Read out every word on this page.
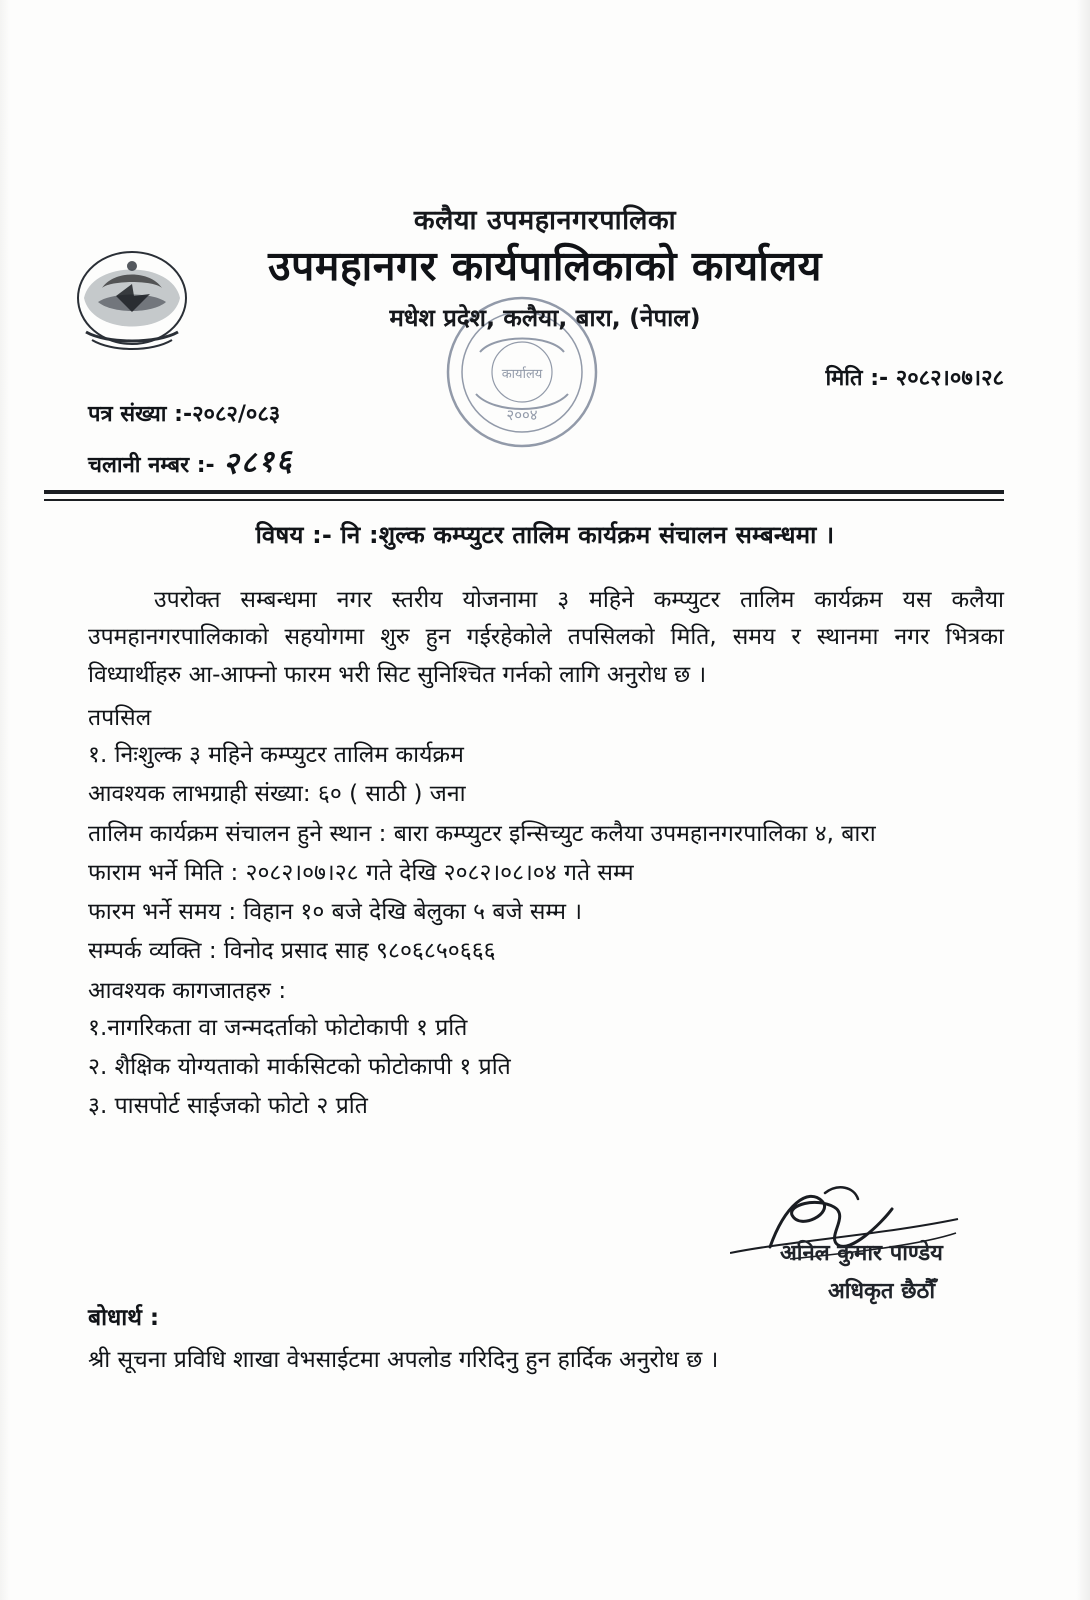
कार्यालय
२००४
कलैया उपमहानगरपालिका
उपमहानगर कार्यपालिकाको कार्यालय
मधेश प्रदेश, कलैया, बारा, (नेपाल)
मिति :- २०८२।०७।२८
पत्र संख्या :-२०८२/०८३
चलानी नम्बर :- २८१६
विषय :- नि :शुल्क कम्प्युटर तालिम कार्यक्रम संचालन सम्बन्धमा ।

उपरोक्त सम्बन्धमा नगर स्तरीय योजनामा ३ महिने कम्प्युटर तालिम कार्यक्रम यस कलैया उपमहानगरपालिकाको सहयोगमा शुरु हुन गईरहेकोले तपसिलको मिति, समय र स्थानमा नगर भित्रका विध्यार्थीहरु आ-आफ्नो फारम भरी सिट सुनिश्चित गर्नको लागि अनुरोध छ ।

तपसिल

१. निःशुल्क ३ महिने कम्प्युटर तालिम कार्यक्रम

आवश्यक लाभग्राही संख्या: ६० ( साठी ) जना

तालिम कार्यक्रम संचालन हुने स्थान : बारा कम्प्युटर इन्सिच्युट कलैया उपमहानगरपालिका ४, बारा

फाराम भर्ने मिति : २०८२।०७।२८ गते देखि २०८२।०८।०४ गते सम्म

फारम भर्ने समय : विहान १० बजे देखि बेलुका ५ बजे सम्म ।

सम्पर्क व्यक्ति : विनोद प्रसाद साह ९८०६८५०६६६

आवश्यक कागजातहरु :

१.नागरिकता वा जन्मदर्ताको फोटोकापी १ प्रति

२. शैक्षिक योग्यताको मार्कसिटको फोटोकापी १ प्रति

३. पासपोर्ट साईजको फोटो २ प्रति

अनिल कुमार पाण्डेय
अधिकृत छैठौँ
बोधार्थ :
श्री सूचना प्रविधि शाखा वेभसाईटमा अपलोड गरिदिनु हुन हार्दिक अनुरोध छ ।
